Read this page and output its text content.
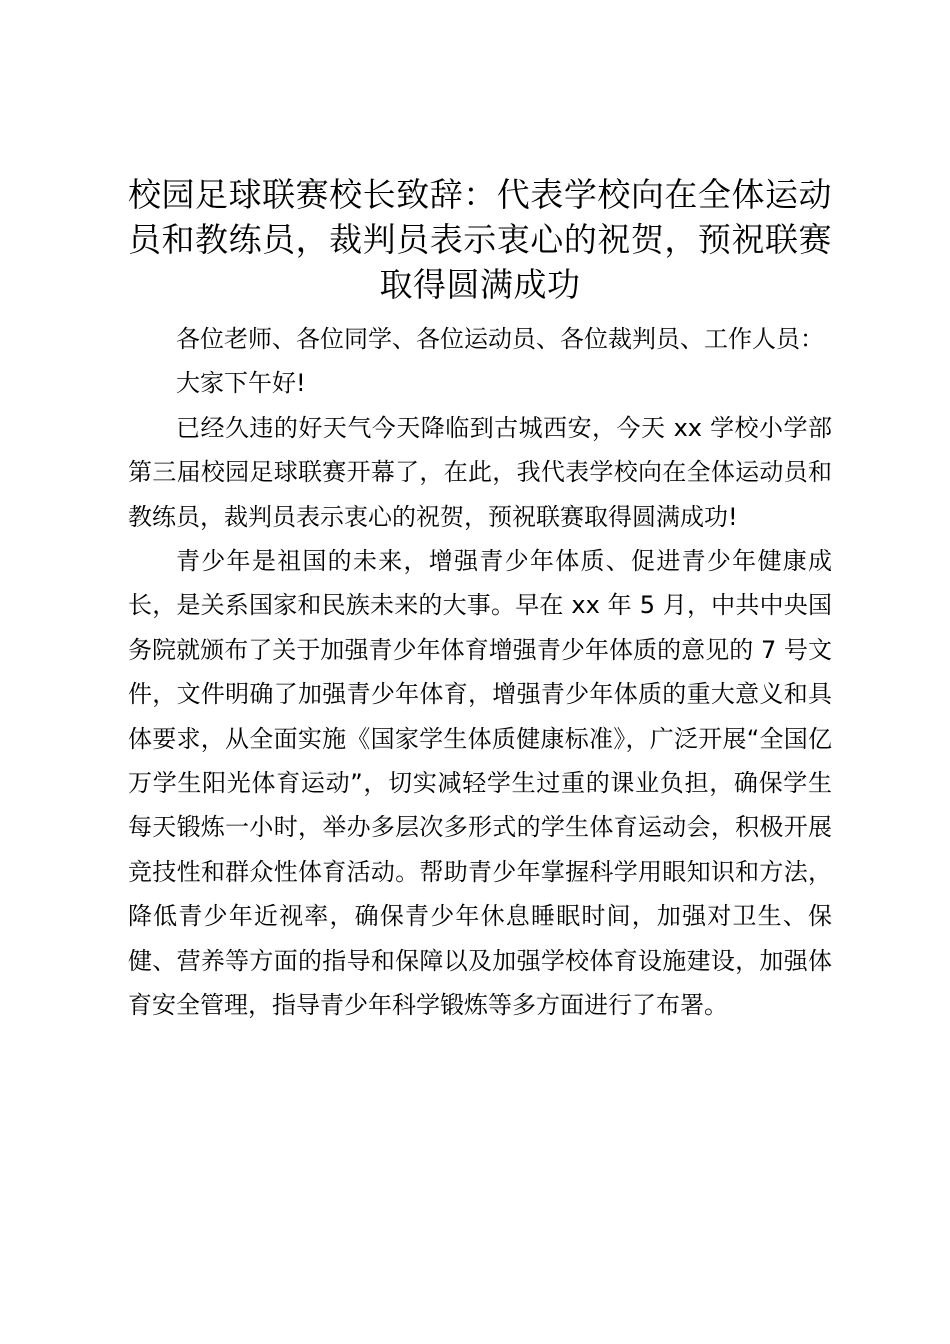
校园足球联赛校长致辞：代表学校向在全体运动员和教练员，裁判员表示衷心的祝贺，预祝联赛取得圆满成功

各位老师、各位同学、各位运动员、各位裁判员、工作人员：

大家下午好!

已经久违的好天气今天降临到古城西安，今天 xx 学校小学部第三届校园足球联赛开幕了，在此，我代表学校向在全体运动员和教练员，裁判员表示衷心的祝贺，预祝联赛取得圆满成功!

青少年是祖国的未来，增强青少年体质、促进青少年健康成长，是关系国家和民族未来的大事。早在 xx 年 5 月，中共中央国务院就颁布了关于加强青少年体育增强青少年体质的意见的 7 号文件，文件明确了加强青少年体育，增强青少年体质的重大意义和具体要求，从全面实施《国家学生体质健康标准》，广泛开展“全国亿万学生阳光体育运动”，切实减轻学生过重的课业负担，确保学生每天锻炼一小时，举办多层次多形式的学生体育运动会，积极开展竞技性和群众性体育活动。帮助青少年掌握科学用眼知识和方法，降低青少年近视率，确保青少年休息睡眠时间，加强对卫生、保健、营养等方面的指导和保障以及加强学校体育设施建设，加强体育安全管理，指导青少年科学锻炼等多方面进行了布署。
